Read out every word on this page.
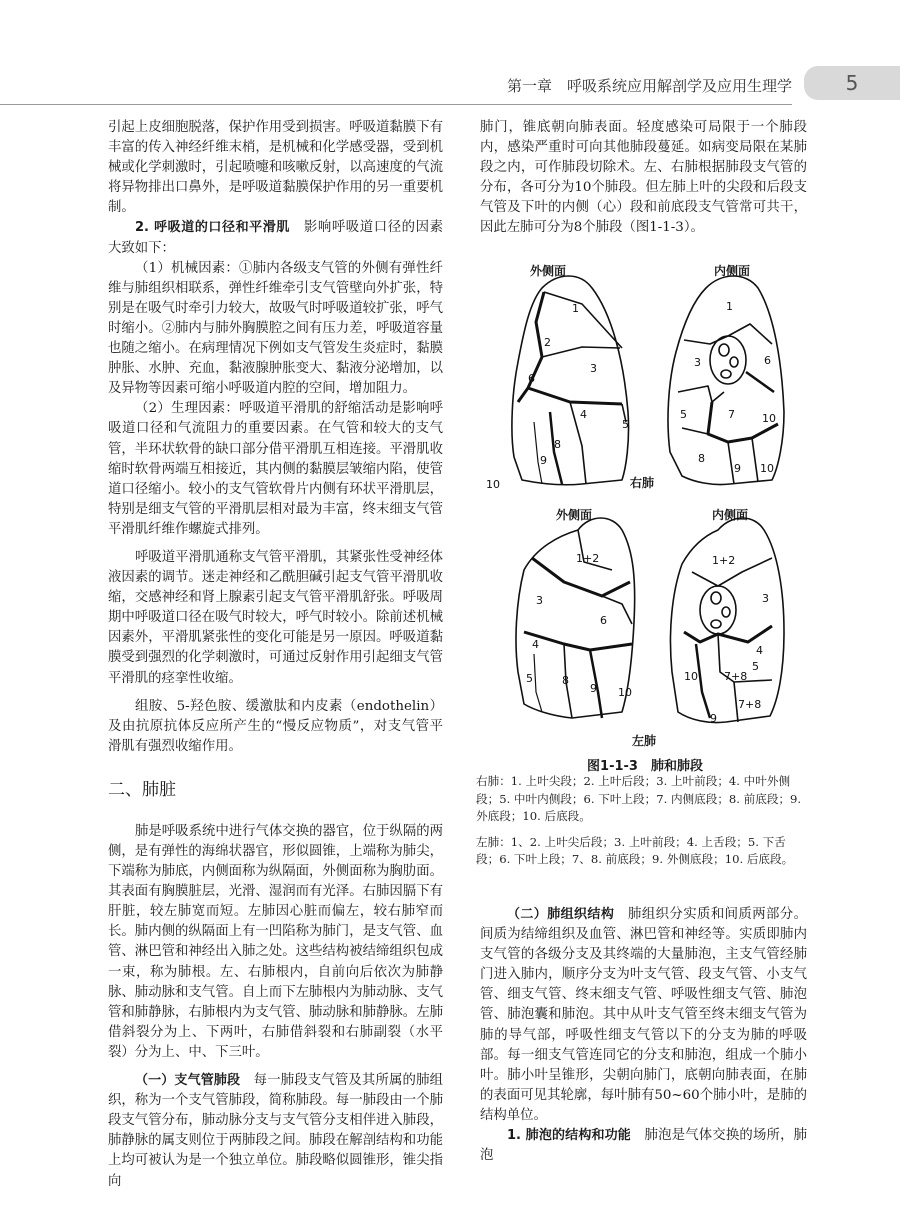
第一章　呼吸系统应用解剖学及应用生理学	5

引起上皮细胞脱落，保护作用受到损害。呼吸道黏膜下有丰富的传入神经纤维末梢，是机械和化学感受器，受到机械或化学刺激时，引起喷嚏和咳嗽反射，以高速度的气流将异物排出口鼻外，是呼吸道黏膜保护作用的另一重要机制。

2. 呼吸道的口径和平滑肌　影响呼吸道口径的因素大致如下：

（1）机械因素：①肺内各级支气管的外侧有弹性纤维与肺组织相联系，弹性纤维牵引支气管壁向外扩张，特别是在吸气时牵引力较大，故吸气时呼吸道较扩张，呼气时缩小。②肺内与肺外胸膜腔之间有压力差，呼吸道容量也随之缩小。在病理情况下例如支气管发生炎症时，黏膜肿胀、水肿、充血，黏液腺肿胀变大、黏液分泌增加，以及异物等因素可缩小呼吸道内腔的空间，增加阻力。

（2）生理因素：呼吸道平滑肌的舒缩活动是影响呼吸道口径和气流阻力的重要因素。在气管和较大的支气管，半环状软骨的缺口部分借平滑肌互相连接。平滑肌收缩时软骨两端互相接近，其内侧的黏膜层皱缩内陷，使管道口径缩小。较小的支气管软骨片内侧有环状平滑肌层，特别是细支气管的平滑肌层相对最为丰富，终末细支气管平滑肌纤维作螺旋式排列。

呼吸道平滑肌通称支气管平滑肌，其紧张性受神经体液因素的调节。迷走神经和乙酰胆碱引起支气管平滑肌收缩，交感神经和肾上腺素引起支气管平滑肌舒张。呼吸周期中呼吸道口径在吸气时较大，呼气时较小。除前述机械因素外，平滑肌紧张性的变化可能是另一原因。呼吸道黏膜受到强烈的化学刺激时，可通过反射作用引起细支气管平滑肌的痉挛性收缩。

组胺、5-羟色胺、缓激肽和内皮素（endothelin）及由抗原抗体反应所产生的“慢反应物质”，对支气管平滑肌有强烈收缩作用。

二、肺脏

肺是呼吸系统中进行气体交换的器官，位于纵隔的两侧，是有弹性的海绵状器官，形似圆锥，上端称为肺尖，下端称为肺底，内侧面称为纵隔面，外侧面称为胸肋面。其表面有胸膜脏层，光滑、湿润而有光泽。右肺因膈下有肝脏，较左肺宽而短。左肺因心脏而偏左，较右肺窄而长。肺内侧的纵隔面上有一凹陷称为肺门，是支气管、血管、淋巴管和神经出入肺之处。这些结构被结缔组织包成一束，称为肺根。左、右肺根内，自前向后依次为肺静脉、肺动脉和支气管。自上而下左肺根内为肺动脉、支气管和肺静脉，右肺根内为支气管、肺动脉和肺静脉。左肺借斜裂分为上、下两叶，右肺借斜裂和右肺副裂（水平裂）分为上、中、下三叶。

（一）支气管肺段　每一肺段支气管及其所属的肺组织，称为一个支气管肺段，简称肺段。每一肺段由一个肺段支气管分布，肺动脉分支与支气管分支相伴进入肺段，肺静脉的属支则位于两肺段之间。肺段在解剖结构和功能上均可被认为是一个独立单位。肺段略似圆锥形，锥尖指向

肺门，锥底朝向肺表面。轻度感染可局限于一个肺段内，感染严重时可向其他肺段蔓延。如病变局限在某肺段之内，可作肺段切除术。左、右肺根据肺段支气管的分布，各可分为10个肺段。但左肺上叶的尖段和后段支气管及下叶的内侧（心）段和前底段支气管常可共干，因此左肺可分为8个肺段（图1-1-3）。

外侧面	内侧面
右肺
外侧面	内侧面
左肺
1
2
3
6
4
5
8
9
10
1
3	6
5	7 10
8
9 10
1+2
3
6
4
5	8
9 10
1+2
3
4
5
10 7+8
7+8
9
图1-1-3　肺和肺段

右肺：1. 上叶尖段；2. 上叶后段；3. 上叶前段；4. 中叶外侧段；5. 中叶内侧段；6. 下叶上段；7. 内侧底段；8. 前底段；9. 外底段；10. 后底段。

左肺：1、2. 上叶尖后段；3. 上叶前段；4. 上舌段；5. 下舌段；6. 下叶上段；7、8. 前底段；9. 外侧底段；10. 后底段。

（二）肺组织结构　肺组织分实质和间质两部分。间质为结缔组织及血管、淋巴管和神经等。实质即肺内支气管的各级分支及其终端的大量肺泡，主支气管经肺门进入肺内，顺序分支为叶支气管、段支气管、小支气管、细支气管、终末细支气管、呼吸性细支气管、肺泡管、肺泡囊和肺泡。其中从叶支气管至终末细支气管为肺的导气部，呼吸性细支气管以下的分支为肺的呼吸部。每一细支气管连同它的分支和肺泡，组成一个肺小叶。肺小叶呈锥形，尖朝向肺门，底朝向肺表面，在肺的表面可见其轮廓，每叶肺有50~60个肺小叶，是肺的结构单位。

1. 肺泡的结构和功能　肺泡是气体交换的场所，肺泡
